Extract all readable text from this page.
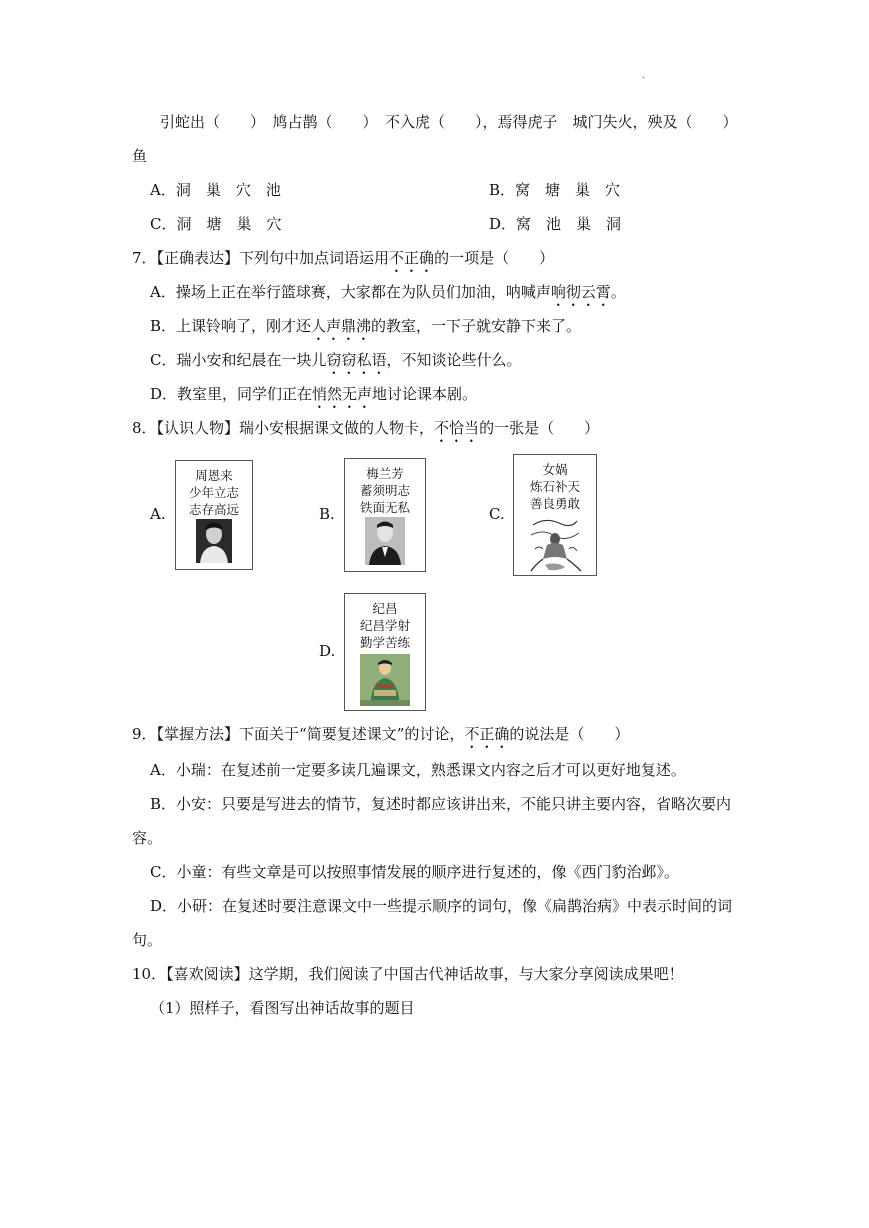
.
引蛇出（　　）　鸠占鹊（　　）　不入虎（　　），焉得虎子　城门失火，殃及（　　）
鱼
A．洞　巢　穴　池	B．窝　塘　巢　穴
C．洞　塘　巢　穴	D．窝　池　巢　洞
7．【正确表达】下列句中加点词语运用不正确的一项是（　　）
A．操场上正在举行篮球赛，大家都在为队员们加油，呐喊声响彻云霄。
B．上课铃响了，刚才还人声鼎沸的教室，一下子就安静下来了。
C．瑞小安和纪晨在一块儿窃窃私语，不知谈论些什么。
D．教室里，同学们正在悄然无声地讨论课本剧。
8．【认识人物】瑞小安根据课文做的人物卡，不恰当的一张是（　　）
A.
周恩来
少年立志
志存高远	B.
梅兰芳
蓄须明志
铁面无私	C.
女娲
炼石补天
善良勇敢
D.
纪昌
纪昌学射
勤学苦练
9．【掌握方法】下面关于“简要复述课文”的讨论，不正确的说法是（　　）
A．小瑞：在复述前一定要多读几遍课文，熟悉课文内容之后才可以更好地复述。
B．小安：只要是写进去的情节，复述时都应该讲出来，不能只讲主要内容，省略次要内
容。
C．小童：有些文章是可以按照事情发展的顺序进行复述的，像《西门豹治邺》。
D．小研：在复述时要注意课文中一些提示顺序的词句，像《扁鹊治病》中表示时间的词
句。
10．【喜欢阅读】这学期，我们阅读了中国古代神话故事，与大家分享阅读成果吧！
（1）照样子，看图写出神话故事的题目
